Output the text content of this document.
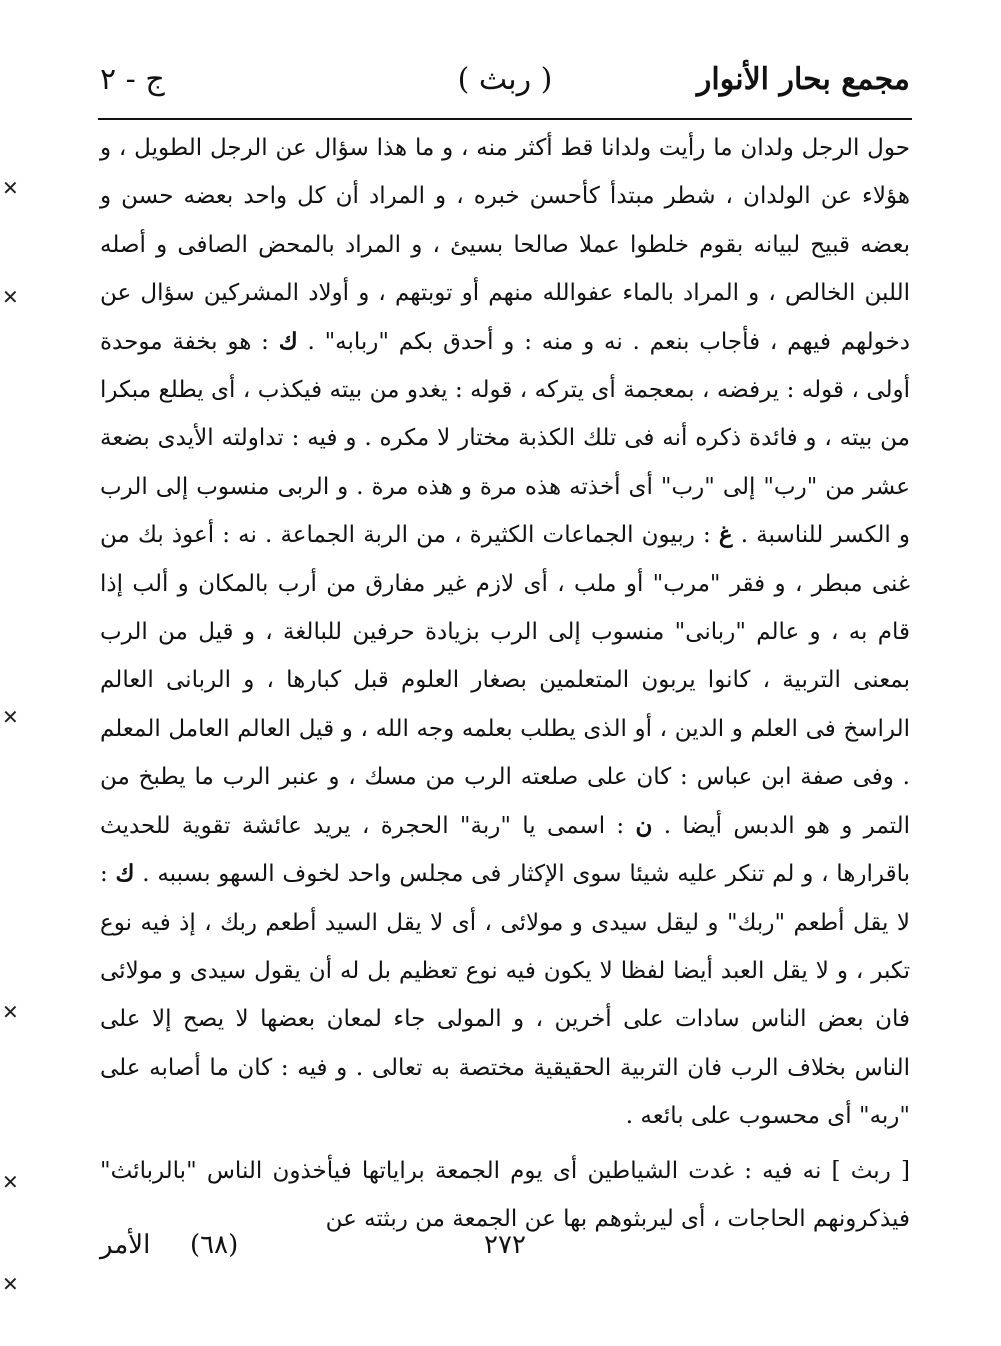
مجمع بحار الأنوار
( ربث )
ج - ٢

حول الرجل ولدان ما رأيت ولدانا قط أكثر منه ، و ما هذا سؤال عن الرجل الطويل ، و هؤلاء عن الولدان ، شطر مبتدأ كأحسن خبره ، و المراد أن كل واحد بعضه حسن و بعضه قبيح لبيانه بقوم خلطوا عملا صالحا بسيئ ، و المراد بالمحض الصافى و أصله اللبن الخالص ، و المراد بالماء عفوالله منهم أو توبتهم ، و أولاد المشركين سؤال عن دخولهم فيهم ، فأجاب بنعم . نه و منه : و أحدق بكم "ربابه" . ك : هو بخفة موحدة أولى ، قوله : يرفضه ، بمعجمة أى يتركه ، قوله : يغدو من بيته فيكذب ، أى يطلع مبكرا من بيته ، و فائدة ذكره أنه فى تلك الكذبة مختار لا مكره . و فيه : تداولته الأيدى بضعة عشر من "رب" إلى "رب" أى أخذته هذه مرة و هذه مرة . و الربى منسوب إلى الرب و الكسر للناسبة . غ : ربيون الجماعات الكثيرة ، من الربة الجماعة . نه : أعوذ بك من غنى مبطر ، و فقر "مرب" أو ملب ، أى لازم غير مفارق من أرب بالمكان و ألب إذا قام به ، و عالم "ربانى" منسوب إلى الرب بزيادة حرفين للبالغة ، و قيل من الرب بمعنى التربية ، كانوا يربون المتعلمين بصغار العلوم قبل كبارها ، و الربانى العالم الراسخ فى العلم و الدين ، أو الذى يطلب بعلمه وجه الله ، و قيل العالم العامل المعلم . وفى صفة ابن عباس : كان على صلعته الرب من مسك ، و عنبر الرب ما يطبخ من التمر و هو الدبس أيضا . ن : اسمى يا "ربة" الحجرة ، يريد عائشة تقوية للحديث باقرارها ، و لم تنكر عليه شيئا سوى الإكثار فى مجلس واحد لخوف السهو بسببه . ك : لا يقل أطعم "ربك" و ليقل سيدى و مولائى ، أى لا يقل السيد أطعم ربك ، إذ فيه نوع تكبر ، و لا يقل العبد أيضا لفظا لا يكون فيه نوع تعظيم بل له أن يقول سيدى و مولائى فان بعض الناس سادات على أخرين ، و المولى جاء لمعان بعضها لا يصح إلا على الناس بخلاف الرب فان التربية الحقيقية مختصة به تعالى . و فيه : كان ما أصابه على "ربه" أى محسوب على بائعه .

[ ربث ] نه فيه : غدت الشياطين أى يوم الجمعة براياتها فيأخذون الناس "بالربائث" فيذكرونهم الحاجات ، أى ليربثوهم بها عن الجمعة من ربثته عن

٢٧٢
(٦٨)
الأمر
✕
✕
✕
✕
✕
✕
